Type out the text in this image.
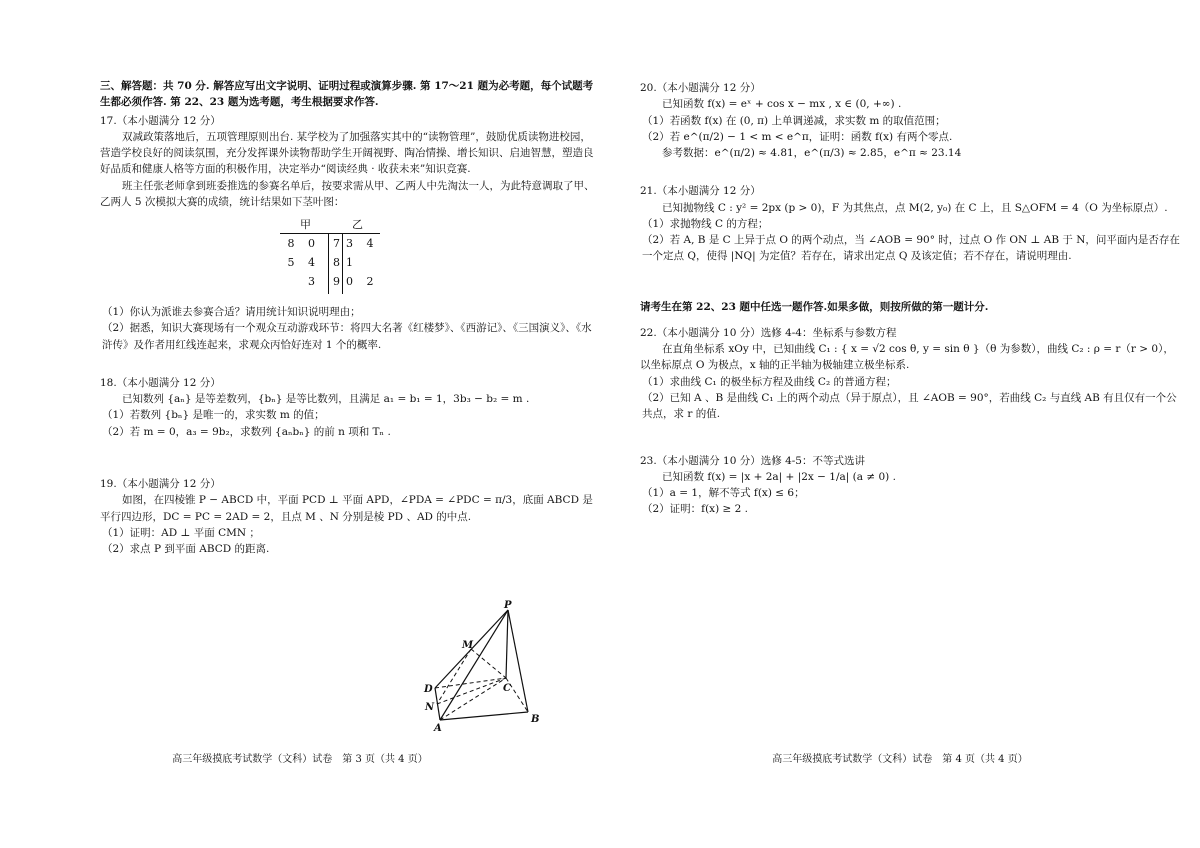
三、解答题：共 70 分. 解答应写出文字说明、证明过程或演算步骤. 第 17～21 题为必考题，每个试题考生都必须作答. 第 22、23 题为选考题，考生根据要求作答.

17.（本小题满分 12 分）

双减政策落地后，五项管理原则出台. 某学校为了加强落实其中的“读物管理”，鼓励优质读物进校园，营造学校良好的阅读氛围，充分发挥课外读物帮助学生开阔视野、陶冶情操、增长知识、启迪智慧，塑造良好品质和健康人格等方面的积极作用，决定举办“阅读经典 · 收获未来”知识竞赛.

班主任张老师拿到班委推选的参赛名单后，按要求需从甲、乙两人中先淘汰一人，为此特意调取了甲、乙两人 5 次模拟大赛的成绩，统计结果如下茎叶图：

甲	乙
8 0 7 3 4
5 4 8 1
3 9 0 2

（1）你认为派谁去参赛合适？请用统计知识说明理由；

（2）据悉，知识大赛现场有一个观众互动游戏环节：将四大名著《红楼梦》、《西游记》、《三国演义》、《水浒传》及作者用红线连起来，求观众丙恰好连对 1 个的概率.

18.（本小题满分 12 分）

已知数列 {aₙ} 是等差数列，{bₙ} 是等比数列，且满足 a₁ = b₁ = 1，3b₃ − b₂ = m .

（1）若数列 {bₙ} 是唯一的，求实数 m 的值；

（2）若 m = 0，a₃ = 9b₂，求数列 {aₙbₙ} 的前 n 项和 Tₙ .

19.（本小题满分 12 分）

如图，在四棱锥 P − ABCD 中，平面 PCD ⊥ 平面 APD，∠PDA = ∠PDC = π/3，底面 ABCD 是平行四边形，DC = PC = 2AD = 2，且点 M 、N 分别是棱 PD 、AD 的中点.

（1）证明：AD ⊥ 平面 CMN ；

（2）求点 P 到平面 ABCD 的距离.

P
M
D
N
A
B
C
高三年级摸底考试数学（文科）试卷　第 3 页（共 4 页）

20.（本小题满分 12 分）

已知函数 f(x) = eˣ + cos x − mx , x ∈ (0, +∞) .

（1）若函数 f(x) 在 (0, π) 上单调递减，求实数 m 的取值范围；

（2）若 e^(π/2) − 1 < m < e^π，证明：函数 f(x) 有两个零点.

参考数据：e^(π/2) ≈ 4.81，e^(π/3) ≈ 2.85，e^π ≈ 23.14

21.（本小题满分 12 分）

已知抛物线 C : y² = 2px (p > 0)，F 为其焦点，点 M(2, y₀) 在 C 上，且 S△OFM = 4（O 为坐标原点）.

（1）求抛物线 C 的方程；

（2）若 A, B 是 C 上异于点 O 的两个动点，当 ∠AOB = 90° 时，过点 O 作 ON ⊥ AB 于 N，问平面内是否存在一个定点 Q，使得 |NQ| 为定值？若存在，请求出定点 Q 及该定值；若不存在，请说明理由.

请考生在第 22、23 题中任选一题作答.如果多做，则按所做的第一题计分.

22.（本小题满分 10 分）选修 4-4：坐标系与参数方程

在直角坐标系 xOy 中，已知曲线 C₁ : { x = √2 cos θ, y = sin θ }（θ 为参数），曲线 C₂ : ρ = r（r > 0），

以坐标原点 O 为极点，x 轴的正半轴为极轴建立极坐标系.

（1）求曲线 C₁ 的极坐标方程及曲线 C₂ 的普通方程；

（2）已知 A 、B 是曲线 C₁ 上的两个动点（异于原点），且 ∠AOB = 90°，若曲线 C₂ 与直线 AB 有且仅有一个公共点，求 r 的值.

23.（本小题满分 10 分）选修 4-5：不等式选讲

已知函数 f(x) = |x + 2a| + |2x − 1/a| (a ≠ 0) .

（1）a = 1，解不等式 f(x) ≤ 6；

（2）证明：f(x) ≥ 2 .

高三年级摸底考试数学（文科）试卷　第 4 页（共 4 页）
